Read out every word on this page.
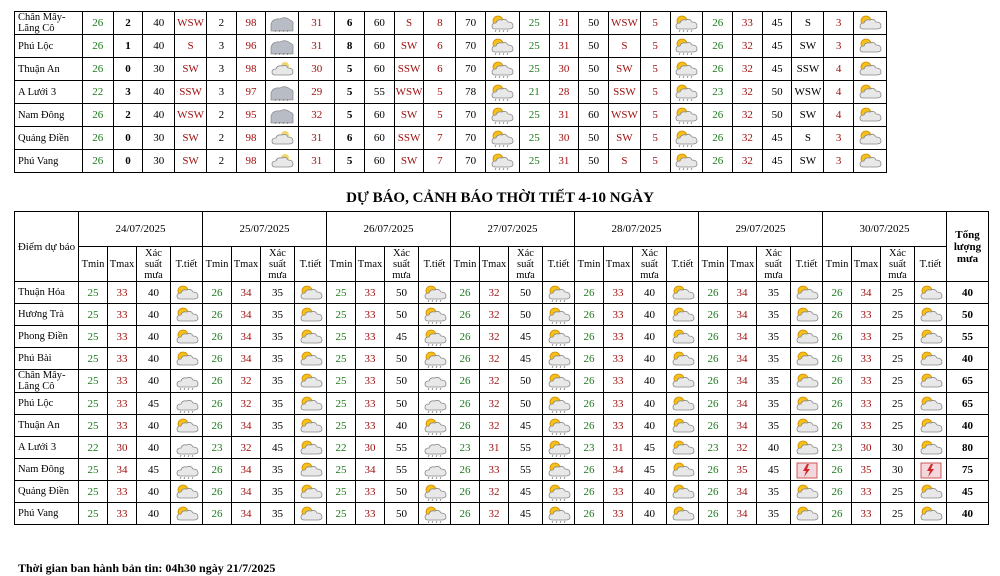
Chân Mây-Lăng Cô	26	2	40	WSW	2	98		31	6	60	S	8	70		25	31	50	WSW	5		26	33	45	S	3	

Phú Lộc	26	1	40	S	3	96		31	8	60	SW	6	70		25	31	50	S	5		26	32	45	SW	3	

Thuận An	26	0	30	SW	3	98		30	5	60	SSW	6	70		25	30	50	SW	5		26	32	45	SSW	4	

A Lưới 3	22	3	40	SSW	3	97		29	5	55	WSW	5	78		21	28	50	SSW	5		23	32	50	WSW	4	

Nam Đông	26	2	40	WSW	2	95		32	5	60	SW	5	70		25	31	60	WSW	5		26	32	50	SW	4	

Quảng Điền	26	0	30	SW	2	98		31	6	60	SSW	7	70		25	30	50	SW	5		26	32	45	S	3	

Phú Vang	26	0	30	SW	2	98		31	5	60	SW	7	70		25	31	50	S	5		26	32	45	SW	3	
DỰ BÁO, CẢNH BÁO THỜI TIẾT 4-10 NGÀY
Điểm dự báo	24/07/2025				25/07/2025				26/07/2025				27/07/2025				28/07/2025				29/07/2025				30/07/2025				Tổng lượng mưa
	Tmin	Tmax	Xác suất mưa	T.tiết	Tmin	Tmax	Xác suất mưa	T.tiết	Tmin	Tmax	Xác suất mưa	T.tiết	Tmin	Tmax	Xác suất mưa	T.tiết	Tmin	Tmax	Xác suất mưa	T.tiết	Tmin	Tmax	Xác suất mưa	T.tiết	Tmin	Tmax	Xác suất mưa	T.tiết	
Thuận Hóa	25	33	40		26	34	35		25	33	50		26	32	50		26	33	40		26	34	35		26	34	25		40
Hương Trà	25	33	40		26	34	35		25	33	50		26	32	50		26	33	40		26	34	35		26	33	25		50
Phong Điền	25	33	40		26	34	35		25	33	45		26	32	45		26	33	40		26	34	35		26	33	25		55
Phú Bài	25	33	40		26	34	35		25	33	50		26	32	45		26	33	40		26	34	35		26	33	25		40
Chân Mây-Lăng Cô	25	33	40		26	32	35		25	33	50		26	32	50		26	33	40		26	34	35		26	33	25		65
Phú Lộc	25	33	45		26	32	35		25	33	50		26	32	50		26	33	40		26	34	35		26	33	25		65
Thuận An	25	33	40		26	34	35		25	33	40		26	32	45		26	33	40		26	34	35		26	33	25		40
A Lưới 3	22	30	40		23	32	45		22	30	55		23	31	55		23	31	45		23	32	40		23	30	30		80
Nam Đông	25	34	45		26	34	35		25	34	55		26	33	55		26	34	45		26	35	45		26	35	30		75
Quảng Điền	25	33	40		26	34	35		25	33	50		26	32	45		26	33	40		26	34	35		26	33	25		45
Phú Vang	25	33	40		26	34	35		25	33	50		26	32	45		26	33	40		26	34	35		26	33	25		40
Thời gian ban hành bản tin: 04h30 ngày 21/7/2025
